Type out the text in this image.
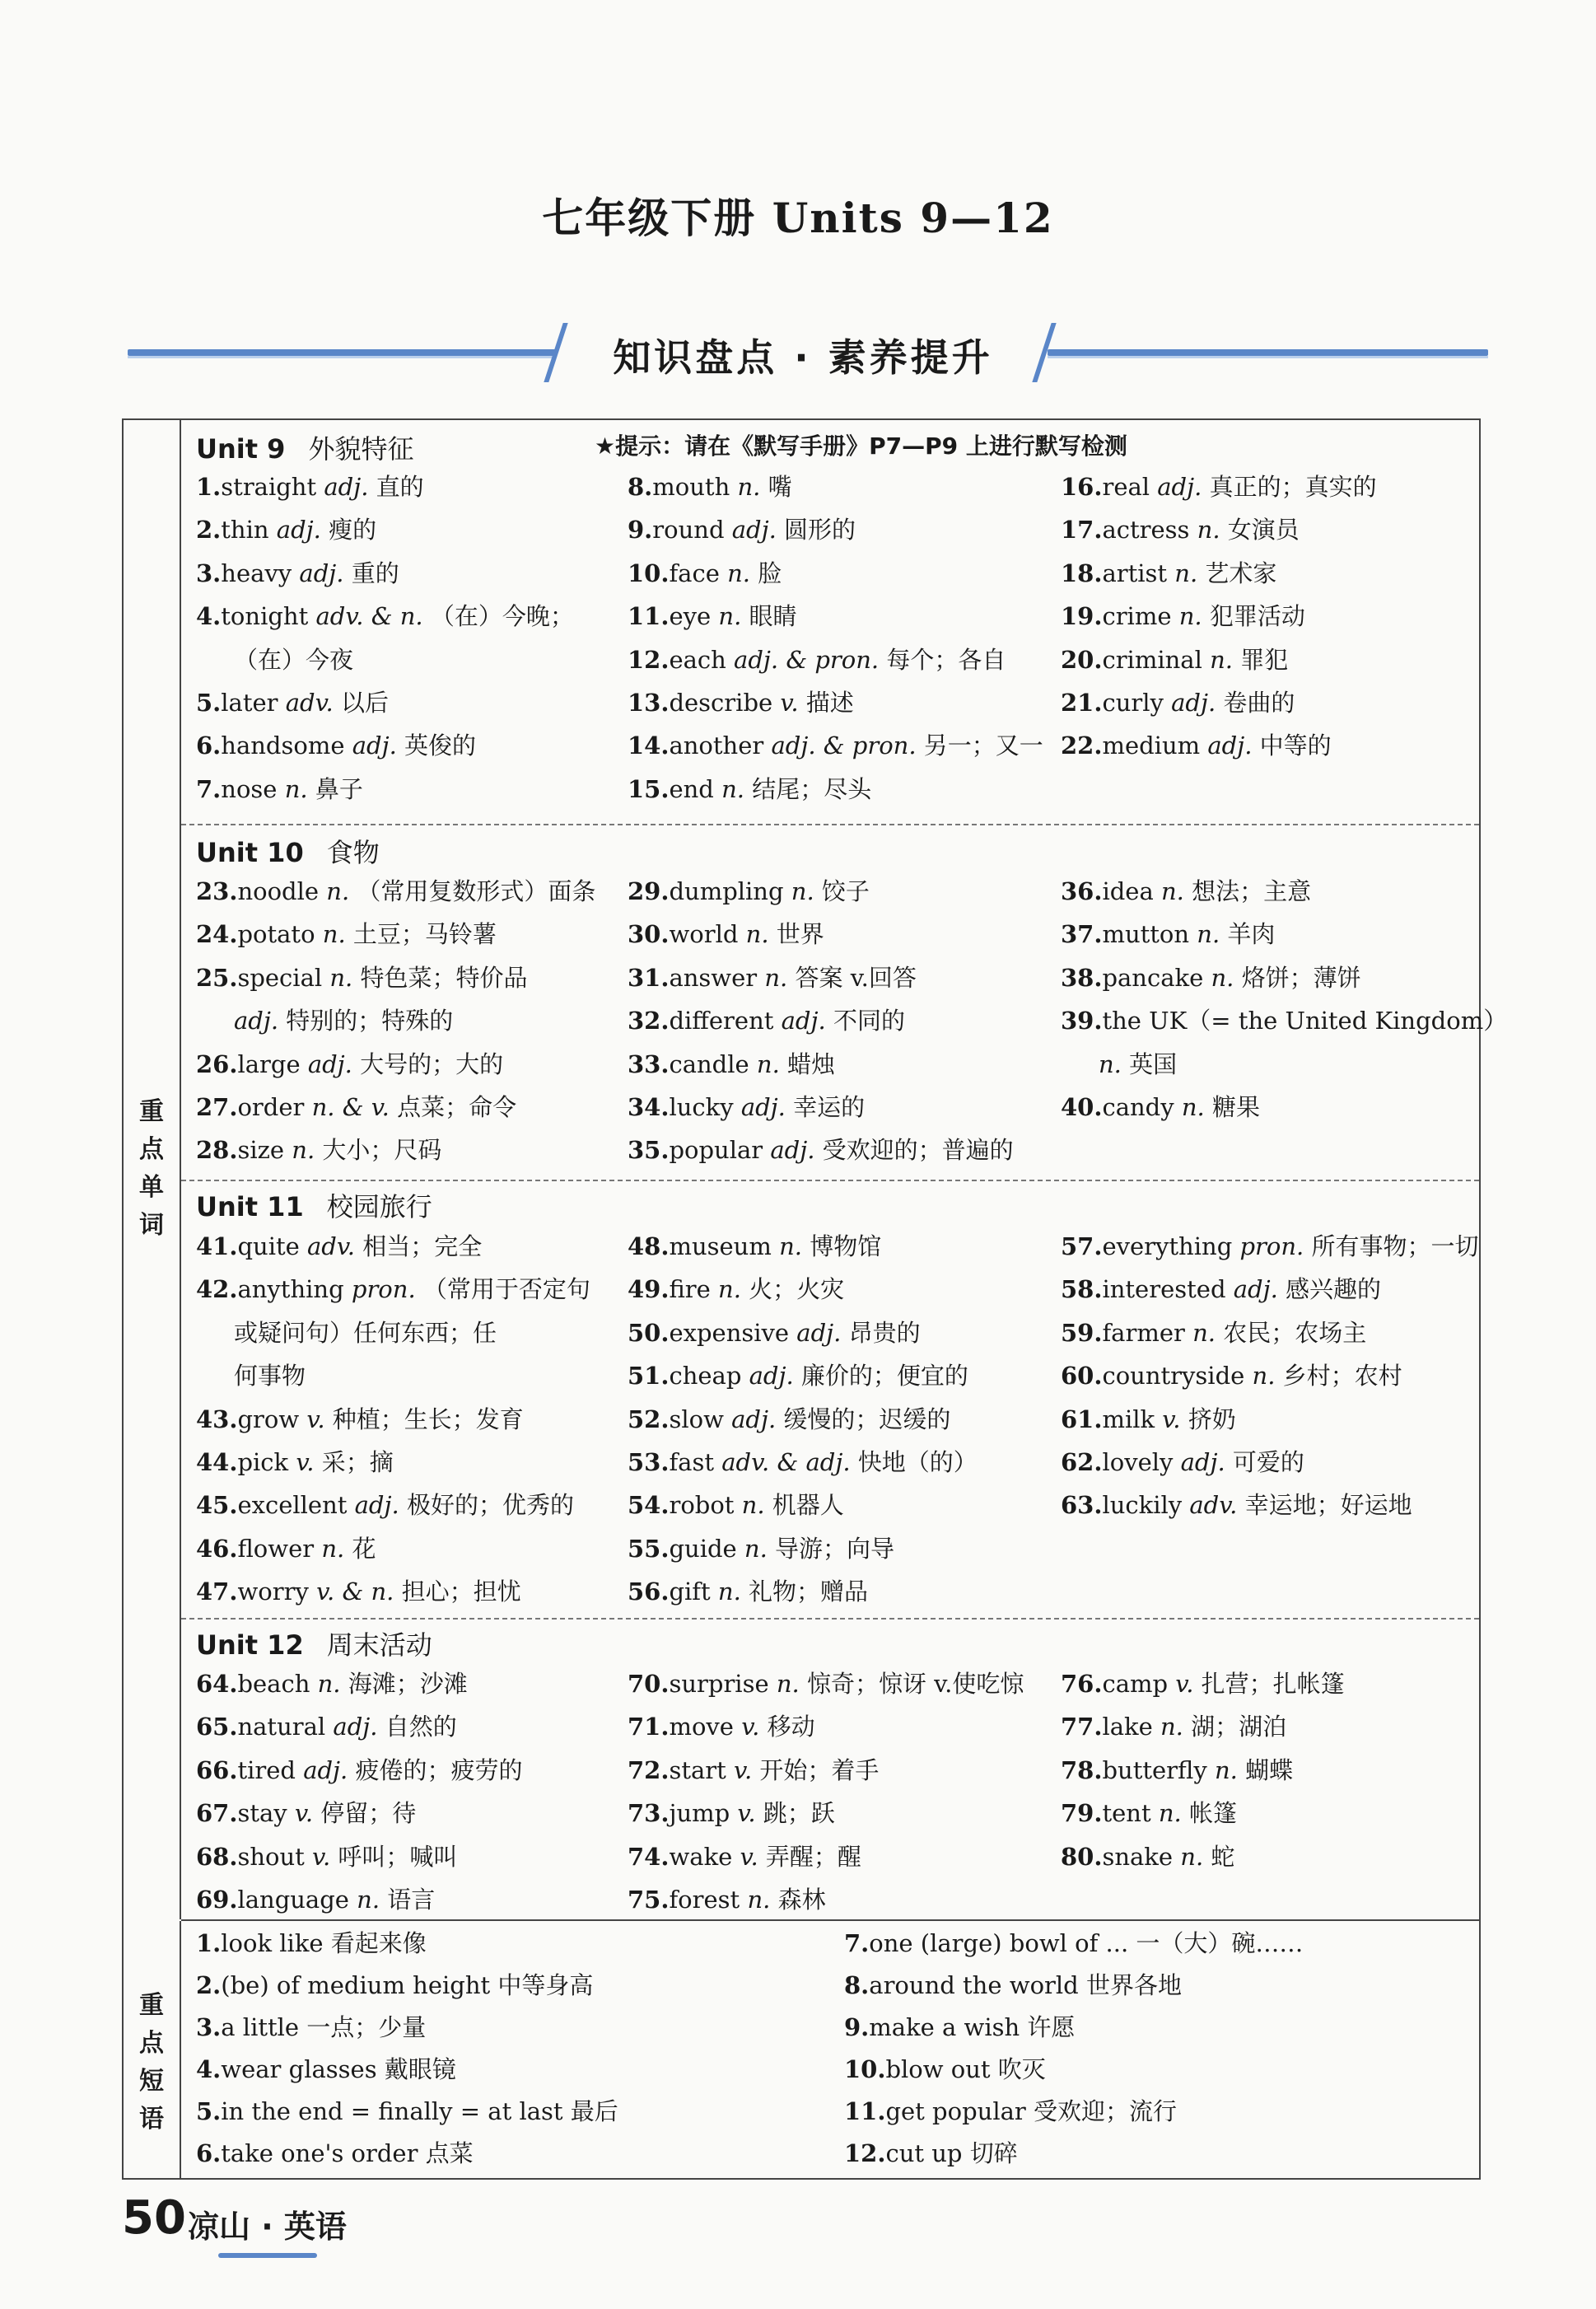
七年级下册 Units 9—12
知识盘点 · 素养提升
重
点
单
词
重
点
短
语
★提示：请在《默写手册》P7—P9 上进行默写检测
Unit 9 外貌特征
1.straight adj. 直的
2.thin adj. 瘦的
3.heavy adj. 重的
4.tonight adv. & n. （在）今晚；
（在）今夜
5.later adv. 以后
6.handsome adj. 英俊的
7.nose n. 鼻子
8.mouth n. 嘴
9.round adj. 圆形的
10.face n. 脸
11.eye n. 眼睛
12.each adj. & pron. 每个；各自
13.describe v. 描述
14.another adj. & pron. 另一；又一
15.end n. 结尾；尽头
16.real adj. 真正的；真实的
17.actress n. 女演员
18.artist n. 艺术家
19.crime n. 犯罪活动
20.criminal n. 罪犯
21.curly adj. 卷曲的
22.medium adj. 中等的
Unit 10 食物
23.noodle n. （常用复数形式）面条
24.potato n. 土豆；马铃薯
25.special n. 特色菜；特价品
adj. 特别的；特殊的
26.large adj. 大号的；大的
27.order n. & v. 点菜；命令
28.size n. 大小；尺码
29.dumpling n. 饺子
30.world n. 世界
31.answer n. 答案 v.回答
32.different adj. 不同的
33.candle n. 蜡烛
34.lucky adj. 幸运的
35.popular adj. 受欢迎的；普遍的
36.idea n. 想法；主意
37.mutton n. 羊肉
38.pancake n. 烙饼；薄饼
39.the UK（= the United Kingdom）
n. 英国
40.candy n. 糖果
Unit 11 校园旅行
41.quite adv. 相当；完全
42.anything pron. （常用于否定句
或疑问句）任何东西；任
何事物
43.grow v. 种植；生长；发育
44.pick v. 采；摘
45.excellent adj. 极好的；优秀的
46.flower n. 花
47.worry v. & n. 担心；担忧
48.museum n. 博物馆
49.fire n. 火；火灾
50.expensive adj. 昂贵的
51.cheap adj. 廉价的；便宜的
52.slow adj. 缓慢的；迟缓的
53.fast adv. & adj. 快地（的）
54.robot n. 机器人
55.guide n. 导游；向导
56.gift n. 礼物；赠品
57.everything pron. 所有事物；一切
58.interested adj. 感兴趣的
59.farmer n. 农民；农场主
60.countryside n. 乡村；农村
61.milk v. 挤奶
62.lovely adj. 可爱的
63.luckily adv. 幸运地；好运地
Unit 12 周末活动
64.beach n. 海滩；沙滩
65.natural adj. 自然的
66.tired adj. 疲倦的；疲劳的
67.stay v. 停留；待
68.shout v. 呼叫；喊叫
69.language n. 语言
70.surprise n. 惊奇；惊讶 v.使吃惊
71.move v. 移动
72.start v. 开始；着手
73.jump v. 跳；跃
74.wake v. 弄醒；醒
75.forest n. 森林
76.camp v. 扎营；扎帐篷
77.lake n. 湖；湖泊
78.butterfly n. 蝴蝶
79.tent n. 帐篷
80.snake n. 蛇
1.look like 看起来像
2.(be) of medium height 中等身高
3.a little 一点；少量
4.wear glasses 戴眼镜
5.in the end = finally = at last 最后
6.take one's order 点菜
7.one (large) bowl of ... 一（大）碗……
8.around the world 世界各地
9.make a wish 许愿
10.blow out 吹灭
11.get popular 受欢迎；流行
12.cut up 切碎
50 凉山 · 英语
